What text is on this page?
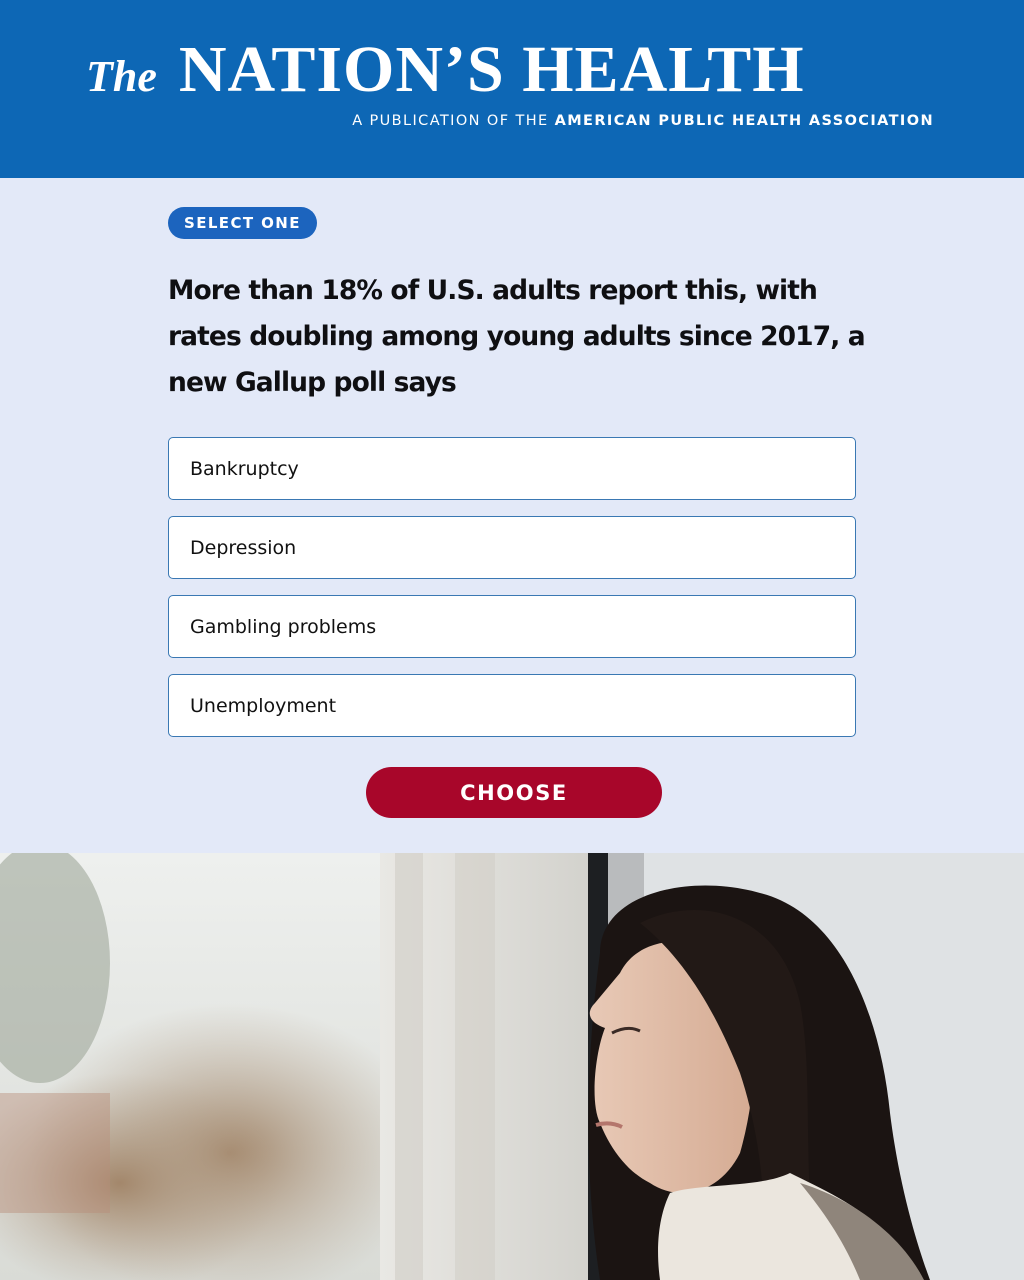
The NATION’S HEALTH
A PUBLICATION OF THE AMERICAN PUBLIC HEALTH ASSOCIATION
SELECT ONE
More than 18% of U.S. adults report this, with rates doubling among young adults since 2017, a new Gallup poll says
Bankruptcy
Depression
Gambling problems
Unemployment
CHOOSE
